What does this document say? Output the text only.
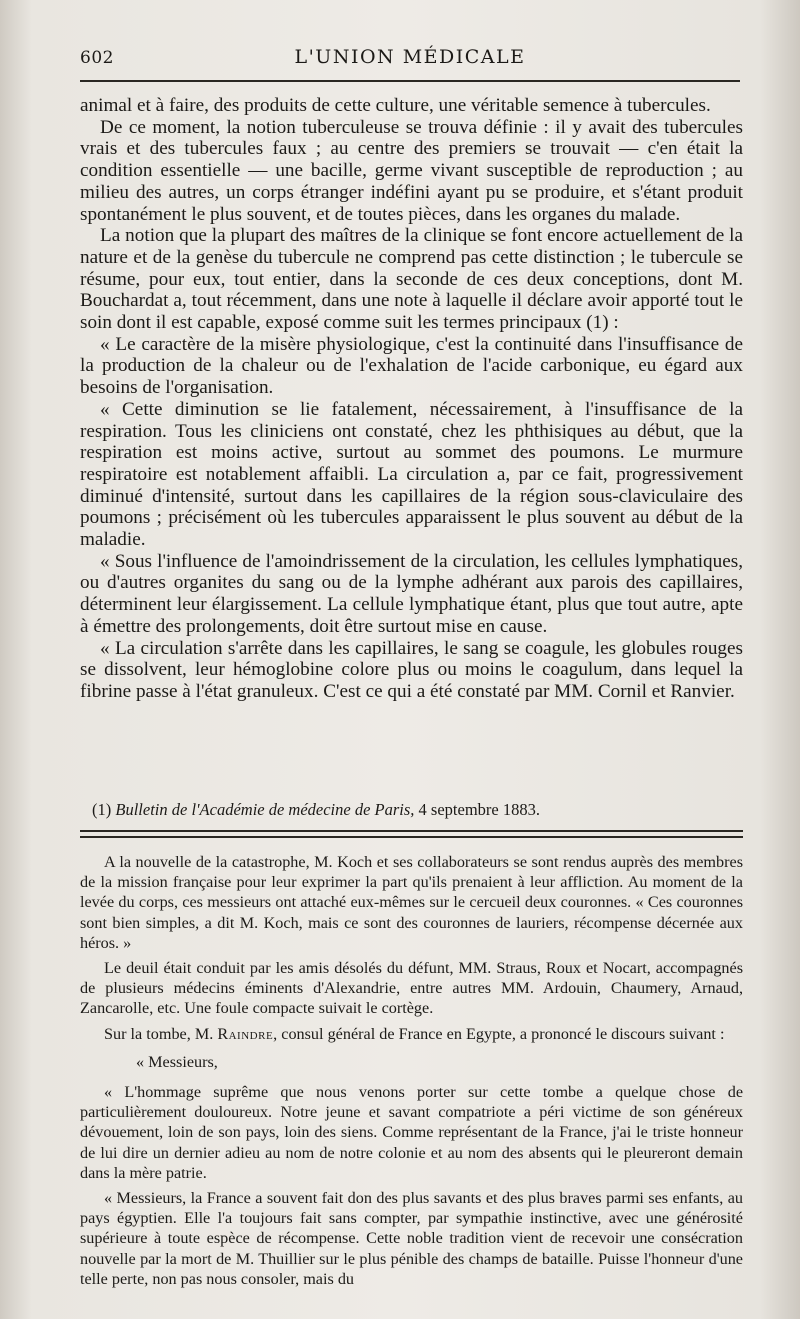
602	L'UNION MÉDICALE

animal et à faire, des produits de cette culture, une véritable semence à tubercules.

De ce moment, la notion tuberculeuse se trouva définie : il y avait des tubercules vrais et des tubercules faux ; au centre des premiers se trouvait — c'en était la condition essentielle — une bacille, germe vivant susceptible de reproduction ; au milieu des autres, un corps étranger indéfini ayant pu se produire, et s'étant produit spontanément le plus souvent, et de toutes pièces, dans les organes du malade.

La notion que la plupart des maîtres de la clinique se font encore actuellement de la nature et de la genèse du tubercule ne comprend pas cette distinction ; le tubercule se résume, pour eux, tout entier, dans la seconde de ces deux conceptions, dont M. Bouchardat a, tout récemment, dans une note à laquelle il déclare avoir apporté tout le soin dont il est capable, exposé comme suit les termes principaux (1) :

« Le caractère de la misère physiologique, c'est la continuité dans l'insuffisance de la production de la chaleur ou de l'exhalation de l'acide carbonique, eu égard aux besoins de l'organisation.

« Cette diminution se lie fatalement, nécessairement, à l'insuffisance de la respiration. Tous les cliniciens ont constaté, chez les phthisiques au début, que la respiration est moins active, surtout au sommet des poumons. Le murmure respiratoire est notablement affaibli. La circulation a, par ce fait, progressivement diminué d'intensité, surtout dans les capillaires de la région sous-claviculaire des poumons ; précisément où les tubercules apparaissent le plus souvent au début de la maladie.

« Sous l'influence de l'amoindrissement de la circulation, les cellules lymphatiques, ou d'autres organites du sang ou de la lymphe adhérant aux parois des capillaires, déterminent leur élargissement. La cellule lymphatique étant, plus que tout autre, apte à émettre des prolongements, doit être surtout mise en cause.

« La circulation s'arrête dans les capillaires, le sang se coagule, les globules rouges se dissolvent, leur hémoglobine colore plus ou moins le coagulum, dans lequel la fibrine passe à l'état granuleux. C'est ce qui a été constaté par MM. Cornil et Ranvier.

(1) Bulletin de l'Académie de médecine de Paris, 4 septembre 1883.

A la nouvelle de la catastrophe, M. Koch et ses collaborateurs se sont rendus auprès des membres de la mission française pour leur exprimer la part qu'ils prenaient à leur affliction. Au moment de la levée du corps, ces messieurs ont attaché eux-mêmes sur le cercueil deux couronnes. « Ces couronnes sont bien simples, a dit M. Koch, mais ce sont des couronnes de lauriers, récompense décernée aux héros. »

Le deuil était conduit par les amis désolés du défunt, MM. Straus, Roux et Nocart, accompagnés de plusieurs médecins éminents d'Alexandrie, entre autres MM. Ardouin, Chaumery, Arnaud, Zancarolle, etc. Une foule compacte suivait le cortège.

Sur la tombe, M. Raindre, consul général de France en Egypte, a prononcé le discours suivant :

« Messieurs,

« L'hommage suprême que nous venons porter sur cette tombe a quelque chose de particulièrement douloureux. Notre jeune et savant compatriote a péri victime de son généreux dévouement, loin de son pays, loin des siens. Comme représentant de la France, j'ai le triste honneur de lui dire un dernier adieu au nom de notre colonie et au nom des absents qui le pleureront demain dans la mère patrie.

« Messieurs, la France a souvent fait don des plus savants et des plus braves parmi ses enfants, au pays égyptien. Elle l'a toujours fait sans compter, par sympathie instinctive, avec une générosité supérieure à toute espèce de récompense. Cette noble tradition vient de recevoir une consécration nouvelle par la mort de M. Thuillier sur le plus pénible des champs de bataille. Puisse l'honneur d'une telle perte, non pas nous consoler, mais du
